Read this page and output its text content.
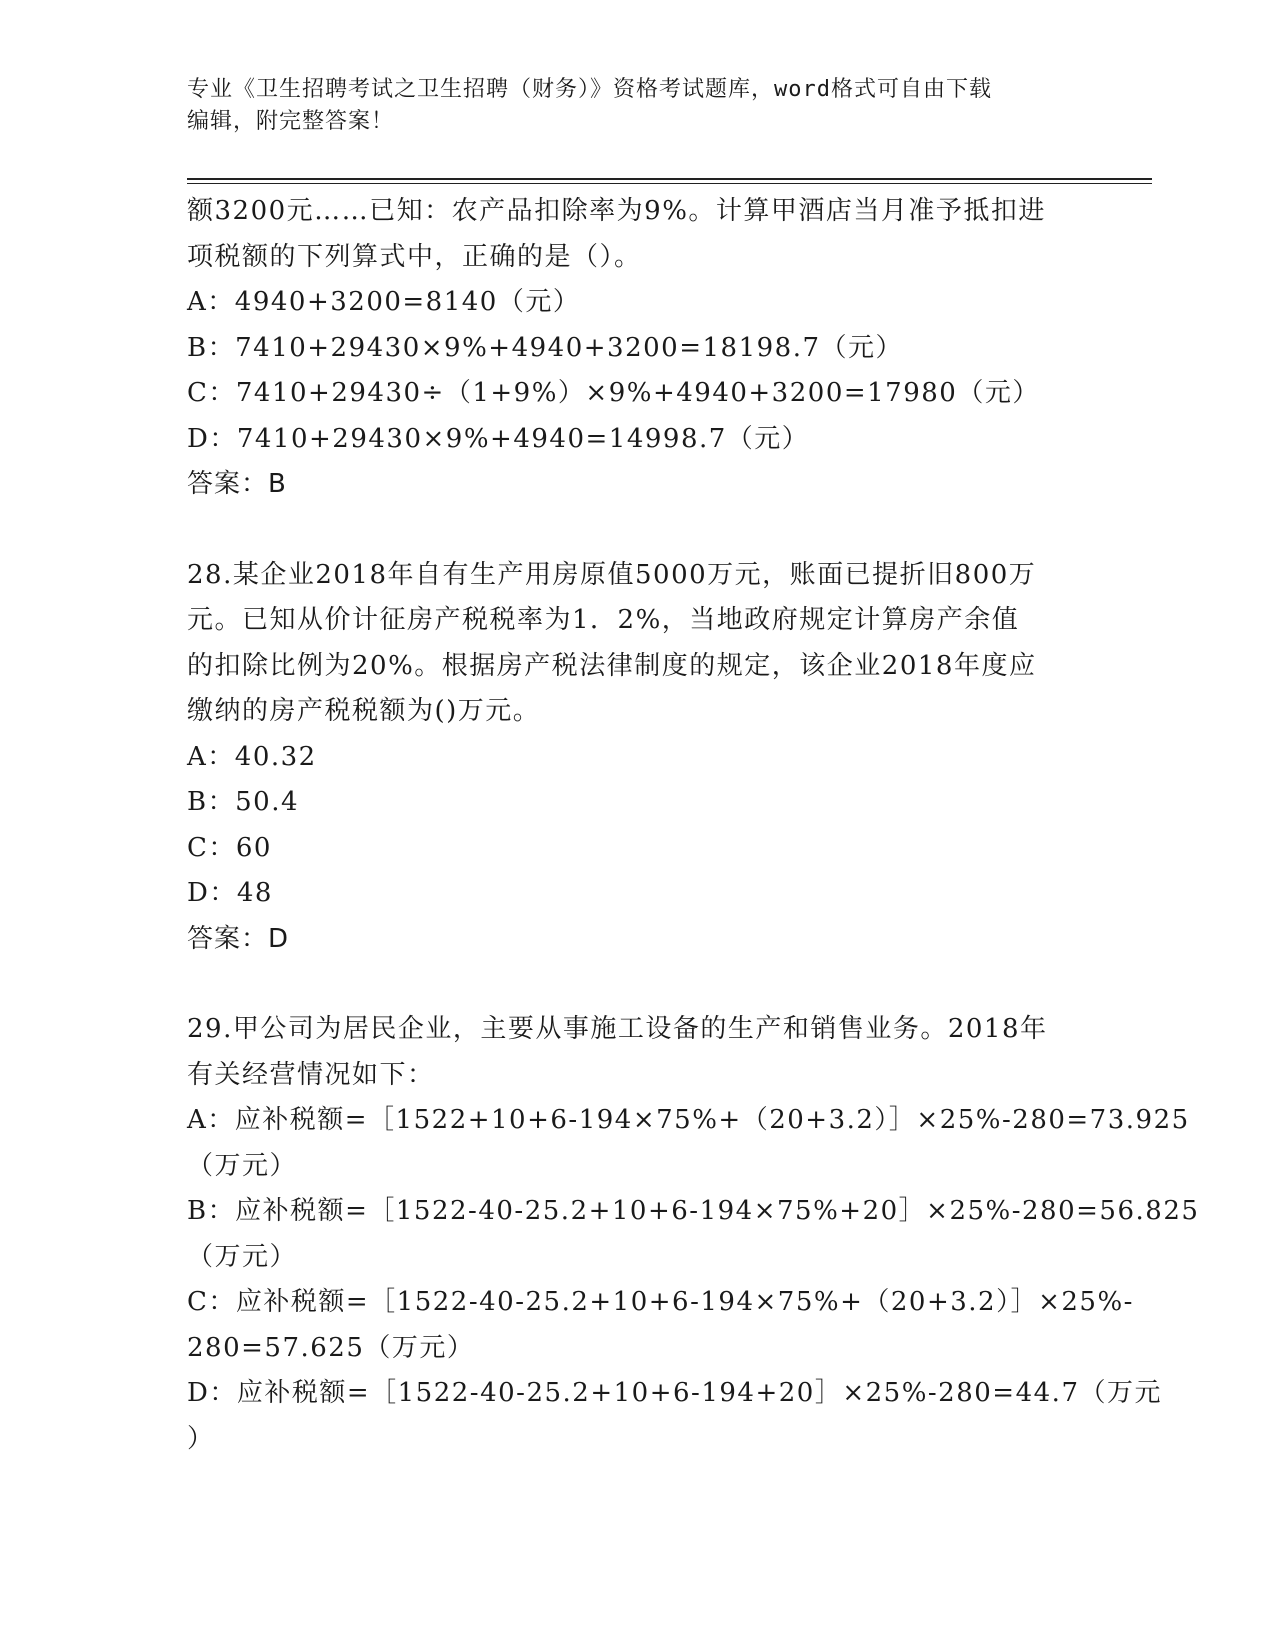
专业《卫生招聘考试之卫生招聘（财务）》资格考试题库，word格式可自由下载
编辑，附完整答案！
额3200元……已知：农产品扣除率为9%。计算甲酒店当月准予抵扣进
项税额的下列算式中，正确的是（）。
A：4940+3200=8140（元）
B：7410+29430×9%+4940+3200=18198.7（元）
C：7410+29430÷（1+9%）×9%+4940+3200=17980（元）
D：7410+29430×9%+4940=14998.7（元）
答案：B
28.某企业2018年自有生产用房原值5000万元，账面已提折旧800万
元。已知从价计征房产税税率为1．2%，当地政府规定计算房产余值
的扣除比例为20%。根据房产税法律制度的规定，该企业2018年度应
缴纳的房产税税额为()万元。
A：40.32
B：50.4
C：60
D：48
答案：D
29.甲公司为居民企业，主要从事施工设备的生产和销售业务。2018年
有关经营情况如下：
A：应补税额=［1522+10+6-194×75%+（20+3.2）］×25%-280=73.925
（万元）
B：应补税额=［1522-40-25.2+10+6-194×75%+20］×25%-280=56.825
（万元）
C：应补税额=［1522-40-25.2+10+6-194×75%+（20+3.2）］×25%-
280=57.625（万元）
D：应补税额=［1522-40-25.2+10+6-194+20］×25%-280=44.7（万元
）
